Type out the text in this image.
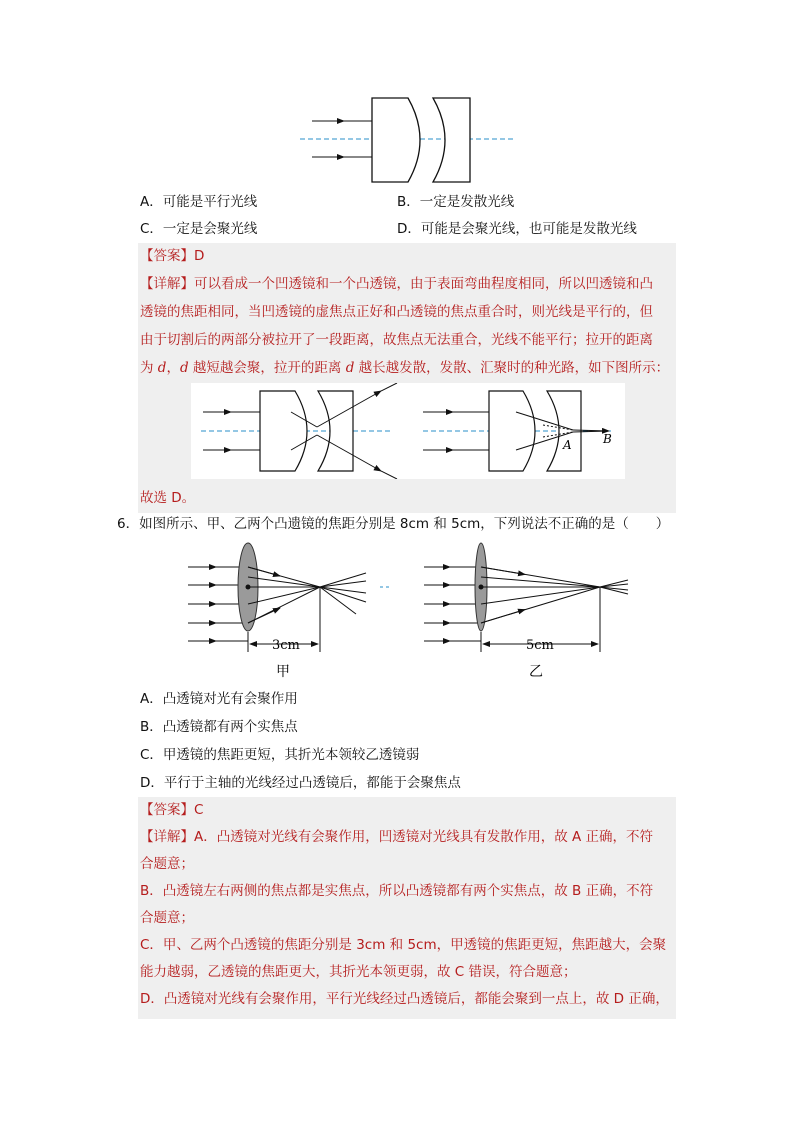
A．可能是平行光线	B．一定是发散光线
C．一定是会聚光线	D．可能是会聚光线，也可能是发散光线
【答案】D
【详解】可以看成一个凹透镜和一个凸透镜，由于表面弯曲程度相同，所以凹透镜和凸
透镜的焦距相同，当凹透镜的虚焦点正好和凸透镜的焦点重合时，则光线是平行的，但
由于切割后的两部分被拉开了一段距离，故焦点无法重合，光线不能平行；拉开的距离
为 d，d 越短越会聚，拉开的距离 d 越长越发散，发散、汇聚时的种光路，如下图所示：
A	B
故选 D。
6．如图所示、甲、乙两个凸遗镜的焦距分别是 8cm 和 5cm，下列说法不正确的是（　　）
3cm
甲
5cm
乙
A．凸透镜对光有会聚作用
B．凸透镜都有两个实焦点
C．甲透镜的焦距更短，其折光本领较乙透镜弱
D．平行于主轴的光线经过凸透镜后，都能于会聚焦点
【答案】C
【详解】A．凸透镜对光线有会聚作用，凹透镜对光线具有发散作用，故 A 正确，不符
合题意；
B．凸透镜左右两侧的焦点都是实焦点，所以凸透镜都有两个实焦点，故 B 正确，不符
合题意；
C．甲、乙两个凸透镜的焦距分别是 3cm 和 5cm，甲透镜的焦距更短，焦距越大，会聚
能力越弱，乙透镜的焦距更大，其折光本领更弱，故 C 错误，符合题意；
D．凸透镜对光线有会聚作用，平行光线经过凸透镜后，都能会聚到一点上，故 D 正确，
